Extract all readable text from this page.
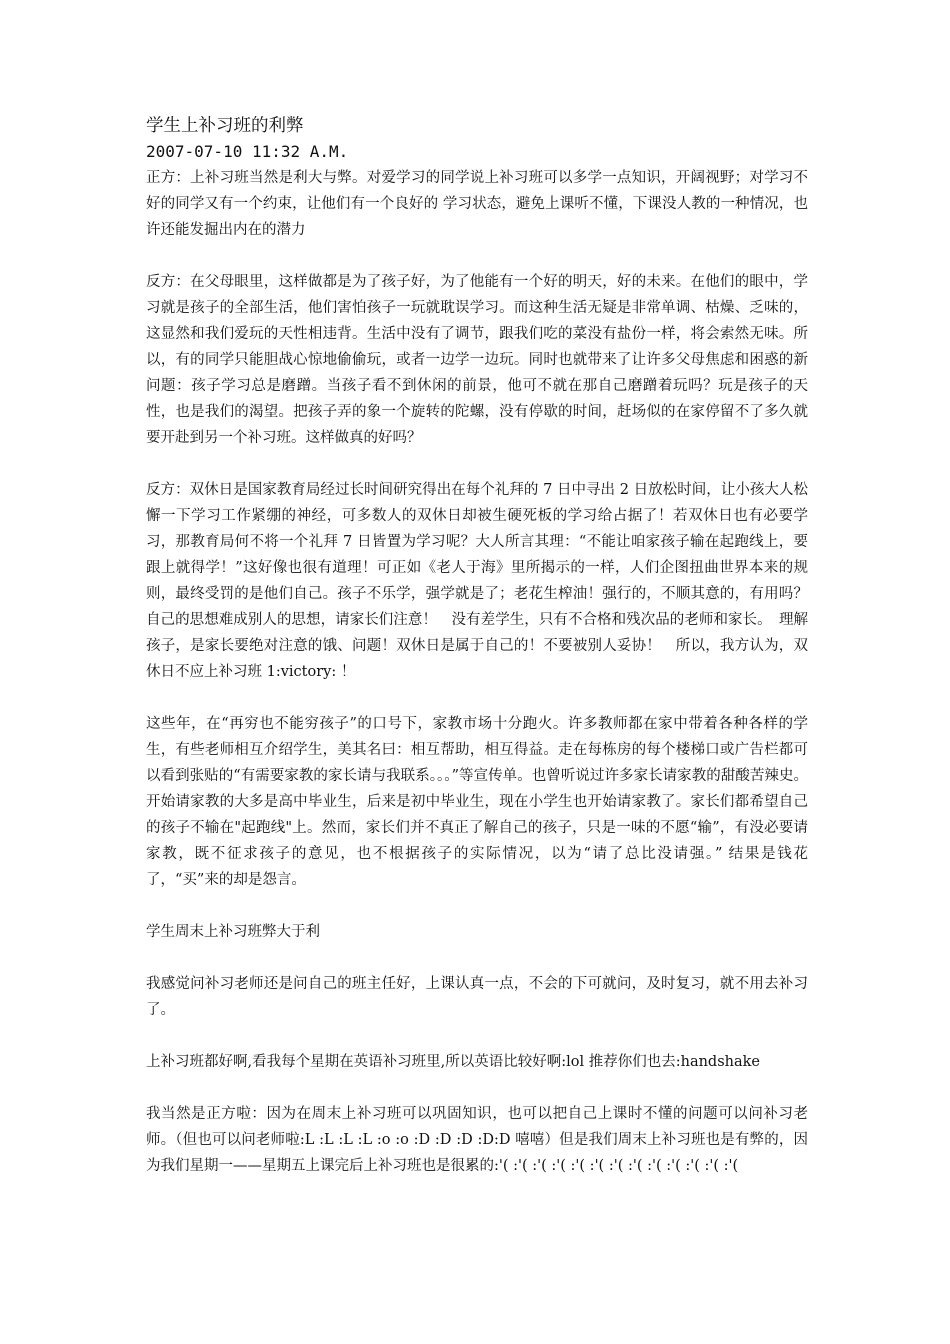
学生上补习班的利弊

2007-07-10 11:32 A.M.

正方：上补习班当然是利大与弊。对爱学习的同学说上补习班可以多学一点知识，开阔视野；对学习不好的同学又有一个约束，让他们有一个良好的 学习状态，避免上课听不懂，下课没人教的一种情况，也许还能发掘出内在的潜力

反方：在父母眼里，这样做都是为了孩子好，为了他能有一个好的明天，好的未来。在他们的眼中，学习就是孩子的全部生活，他们害怕孩子一玩就耽误学习。而这种生活无疑是非常单调、枯燥、乏味的，这显然和我们爱玩的天性相违背。生活中没有了调节，跟我们吃的菜没有盐份一样，将会索然无味。所以，有的同学只能胆战心惊地偷偷玩，或者一边学一边玩。同时也就带来了让许多父母焦虑和困惑的新问题：孩子学习总是磨蹭。当孩子看不到休闲的前景，他可不就在那自己磨蹭着玩吗？玩是孩子的天性，也是我们的渴望。把孩子弄的象一个旋转的陀螺，没有停歇的时间，赶场似的在家停留不了多久就要开赴到另一个补习班。这样做真的好吗？

反方：双休日是国家教育局经过长时间研究得出在每个礼拜的 7 日中寻出 2 日放松时间，让小孩大人松懈一下学习工作紧绷的神经，可多数人的双休日却被生硬死板的学习给占据了！若双休日也有必要学习，那教育局何不将一个礼拜 7 日皆置为学习呢？大人所言其理：“不能让咱家孩子输在起跑线上，要跟上就得学！”这好像也很有道理！可正如《老人于海》里所揭示的一样，人们企图扭曲世界本来的规则，最终受罚的是他们自己。孩子不乐学，强学就是了；老花生榨油！强行的，不顺其意的，有用吗？自己的思想难成别人的思想，请家长们注意！　没有差学生，只有不合格和残次品的老师和家长。　理解孩子，是家长要绝对注意的饿、问题！双休日是属于自己的！不要被别人妥协！　所以，我方认为，双休日不应上补习班 1:victory: ！

这些年，在“再穷也不能穷孩子”的口号下，家教市场十分跑火。许多教师都在家中带着各种各样的学生，有些老师相互介绍学生，美其名曰：相互帮助，相互得益。走在每栋房的每个楼梯口或广告栏都可以看到张贴的“有需要家教的家长请与我联系。。。”等宣传单。也曾听说过许多家长请家教的甜酸苦辣史。开始请家教的大多是高中毕业生，后来是初中毕业生，现在小学生也开始请家教了。家长们都希望自己的孩子不输在"起跑线"上。然而，家长们并不真正了解自己的孩子，只是一味的不愿“输”，有没必要请家教，既不征求孩子的意见，也不根据孩子的实际情况，以为“请了总比没请强。” 结果是钱花了，“买”来的却是怨言。

学生周末上补习班弊大于利

我感觉问补习老师还是问自己的班主任好，上课认真一点，不会的下可就问，及时复习，就不用去补习了。

上补习班都好啊,看我每个星期在英语补习班里,所以英语比较好啊:lol 推荐你们也去:handshake

我当然是正方啦：因为在周末上补习班可以巩固知识，也可以把自己上课时不懂的问题可以问补习老师。（但也可以问老师啦:L :L :L :L :o :o :D :D :D :D:D 嘻嘻）但是我们周末上补习班也是有弊的，因为我们星期一——星期五上课完后上补习班也是很累的:'( :'( :'( :'( :'( :'( :'( :'( :'( :'( :'( :'( :'(
